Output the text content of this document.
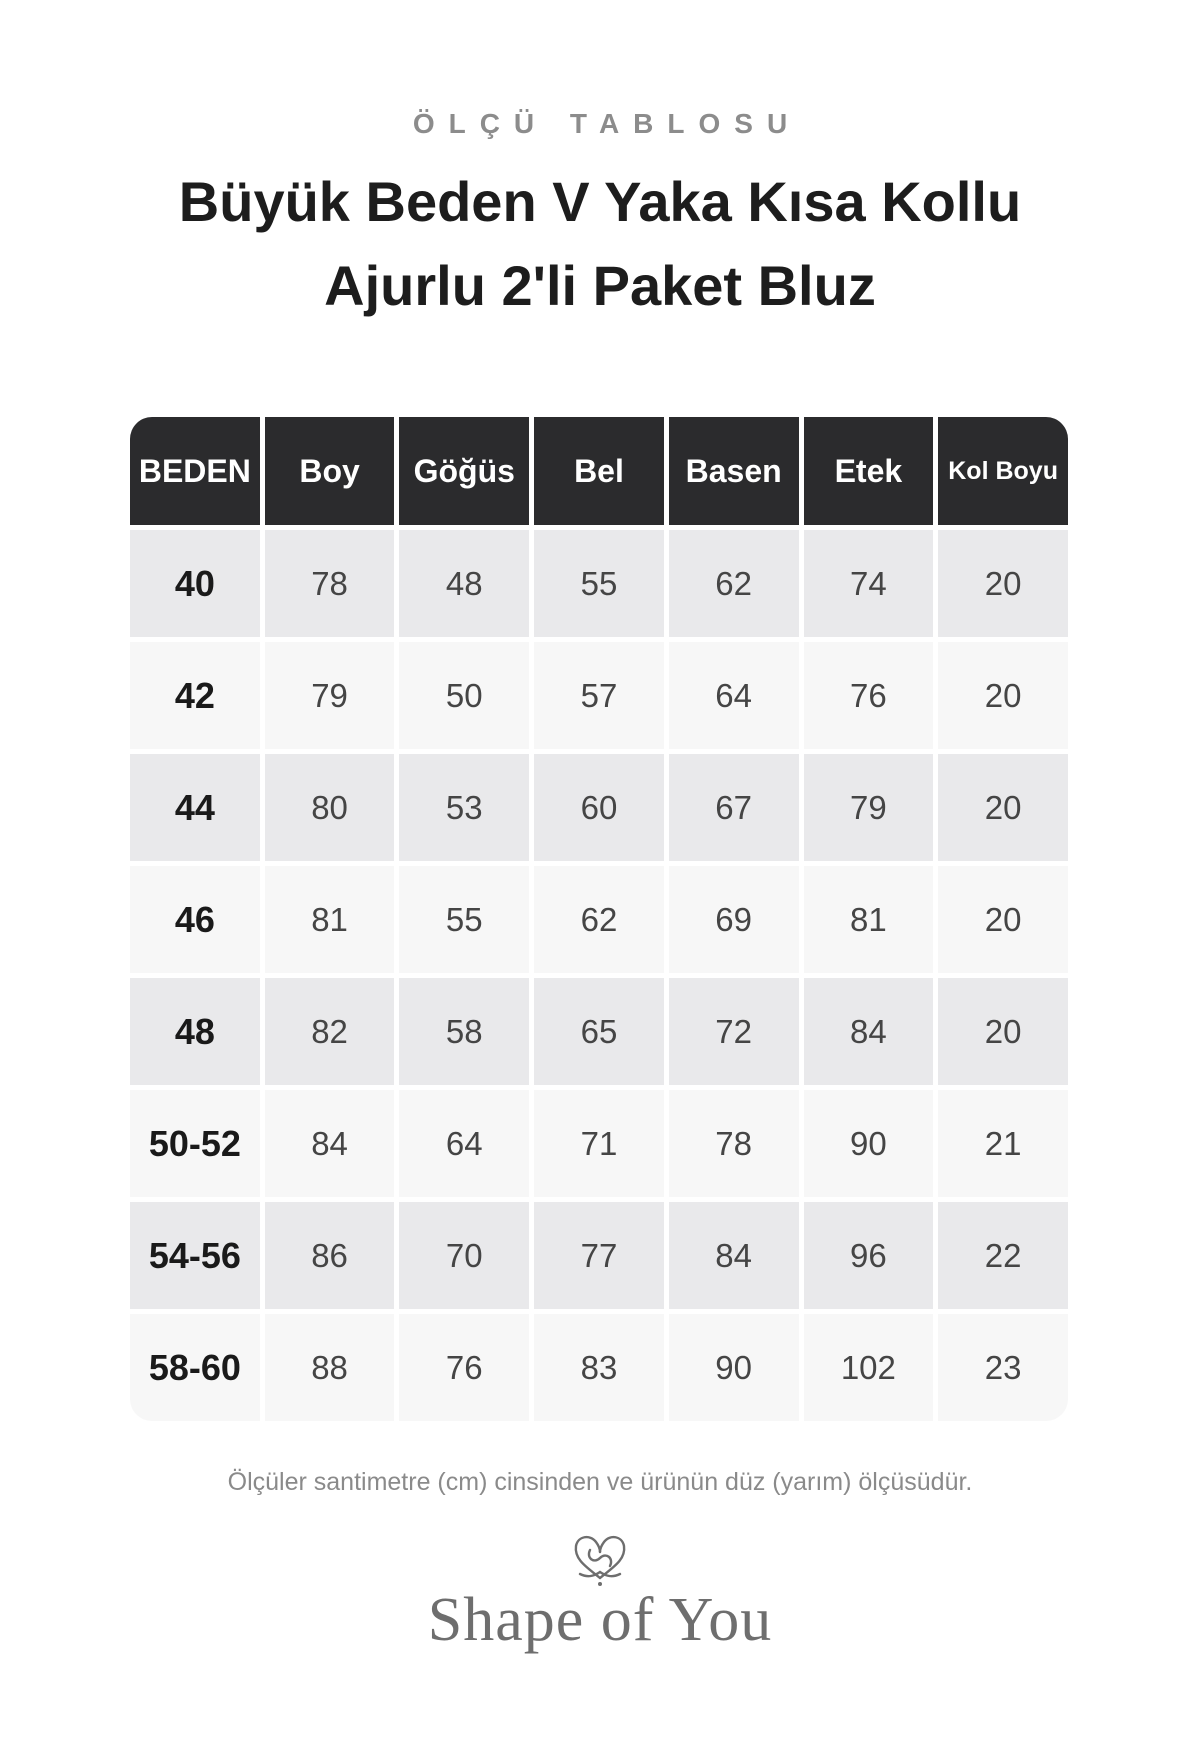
ÖLÇÜ TABLOSU
Büyük Beden V Yaka Kısa Kollu
Ajurlu 2'li Paket Bluz
BEDEN	Boy	Göğüs	Bel	Basen	Etek	Kol Boyu
40	78	48	55	62	74	20
42	79	50	57	64	76	20
44	80	53	60	67	79	20
46	81	55	62	69	81	20
48	82	58	65	72	84	20
50-52	84	64	71	78	90	21
54-56	86	70	77	84	96	22
58-60	88	76	83	90	102	23
Ölçüler santimetre (cm) cinsinden ve ürünün düz (yarım) ölçüsüdür.
Shape of You
